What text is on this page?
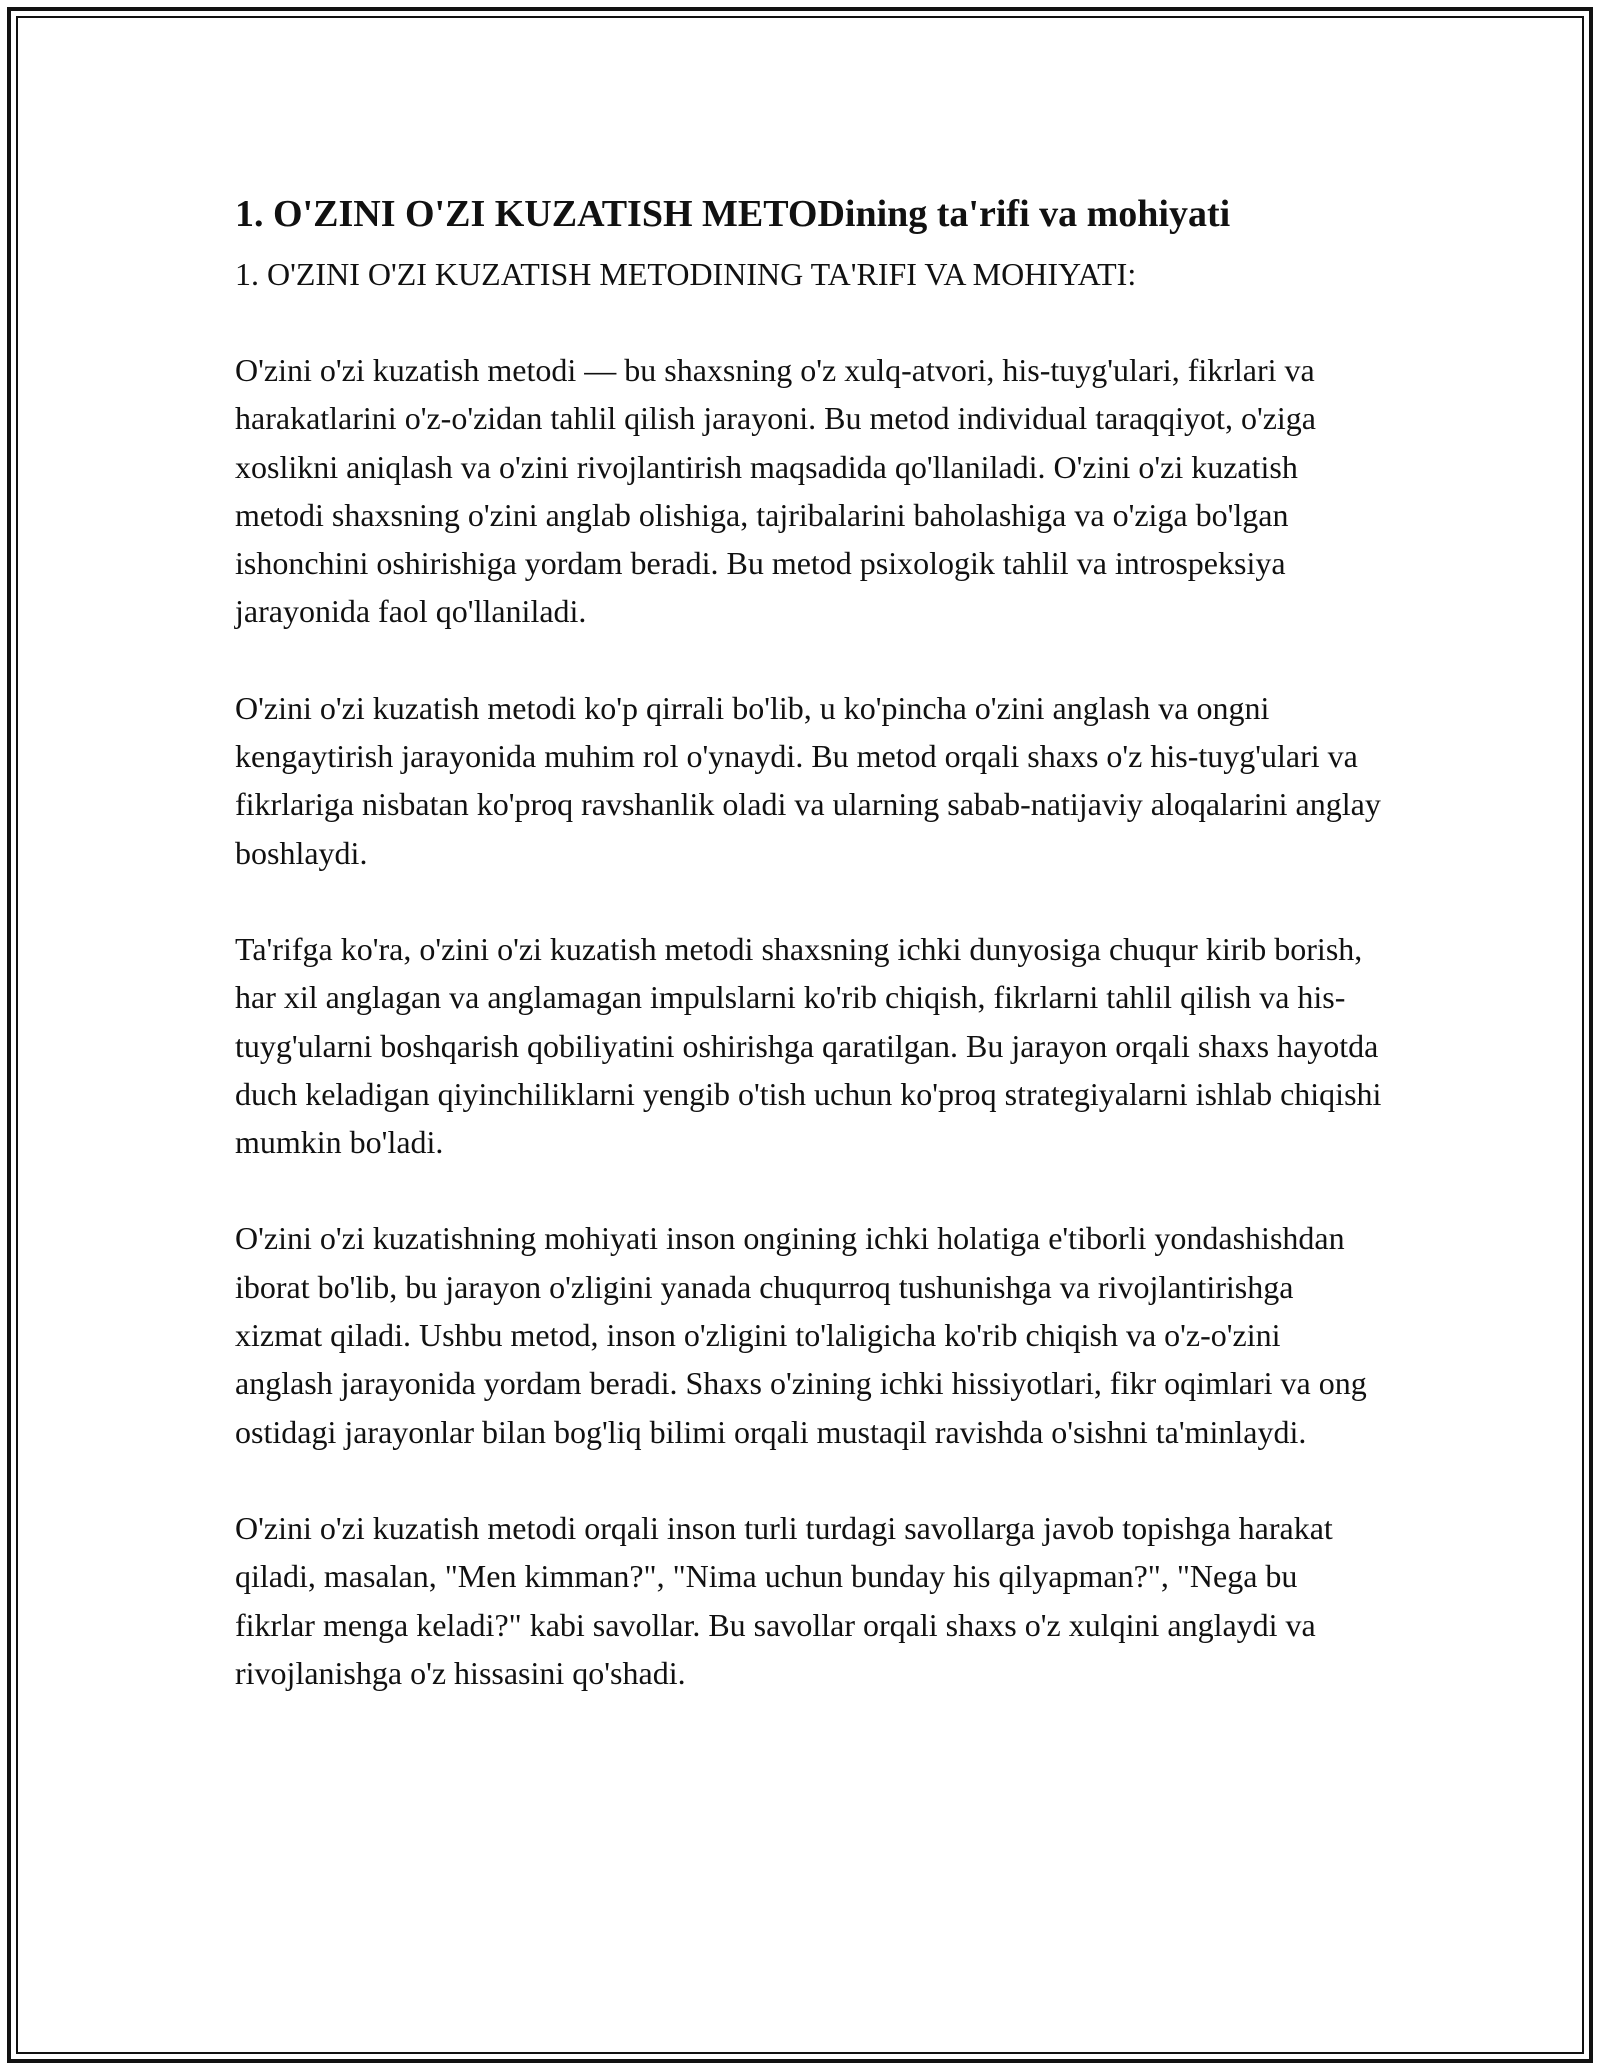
1. O'ZINI O'ZI KUZATISH METODining ta'rifi va mohiyati

1. O'ZINI O'ZI KUZATISH METODINING TA'RIFI VA MOHIYATI:

O'zini o'zi kuzatish metodi — bu shaxsning o'z xulq-atvori, his-tuyg'ulari, fikrlari va harakatlarini o'z-o'zidan tahlil qilish jarayoni. Bu metod individual taraqqiyot, o'ziga xoslikni aniqlash va o'zini rivojlantirish maqsadida qo'llaniladi. O'zini o'zi kuzatish metodi shaxsning o'zini anglab olishiga, tajribalarini baholashiga va o'ziga bo'lgan ishonchini oshirishiga yordam beradi. Bu metod psixologik tahlil va introspeksiya jarayonida faol qo'llaniladi.

O'zini o'zi kuzatish metodi ko'p qirrali bo'lib, u ko'pincha o'zini anglash va ongni kengaytirish jarayonida muhim rol o'ynaydi. Bu metod orqali shaxs o'z his-tuyg'ulari va fikrlariga nisbatan ko'proq ravshanlik oladi va ularning sabab-natijaviy aloqalarini anglay boshlaydi.

Ta'rifga ko'ra, o'zini o'zi kuzatish metodi shaxsning ichki dunyosiga chuqur kirib borish, har xil anglagan va anglamagan impulslarni ko'rib chiqish, fikrlarni tahlil qilish va his-tuyg'ularni boshqarish qobiliyatini oshirishga qaratilgan. Bu jarayon orqali shaxs hayotda duch keladigan qiyinchiliklarni yengib o'tish uchun ko'proq strategiyalarni ishlab chiqishi mumkin bo'ladi.

O'zini o'zi kuzatishning mohiyati inson ongining ichki holatiga e'tiborli yondashishdan iborat bo'lib, bu jarayon o'zligini yanada chuqurroq tushunishga va rivojlantirishga xizmat qiladi. Ushbu metod, inson o'zligini to'laligicha ko'rib chiqish va o'z-o'zini anglash jarayonida yordam beradi. Shaxs o'zining ichki hissiyotlari, fikr oqimlari va ong ostidagi jarayonlar bilan bog'liq bilimi orqali mustaqil ravishda o'sishni ta'minlaydi.

O'zini o'zi kuzatish metodi orqali inson turli turdagi savollarga javob topishga harakat qiladi, masalan, "Men kimman?", "Nima uchun bunday his qilyapman?", "Nega bu fikrlar menga keladi?" kabi savollar. Bu savollar orqali shaxs o'z xulqini anglaydi va rivojlanishga o'z hissasini qo'shadi.
